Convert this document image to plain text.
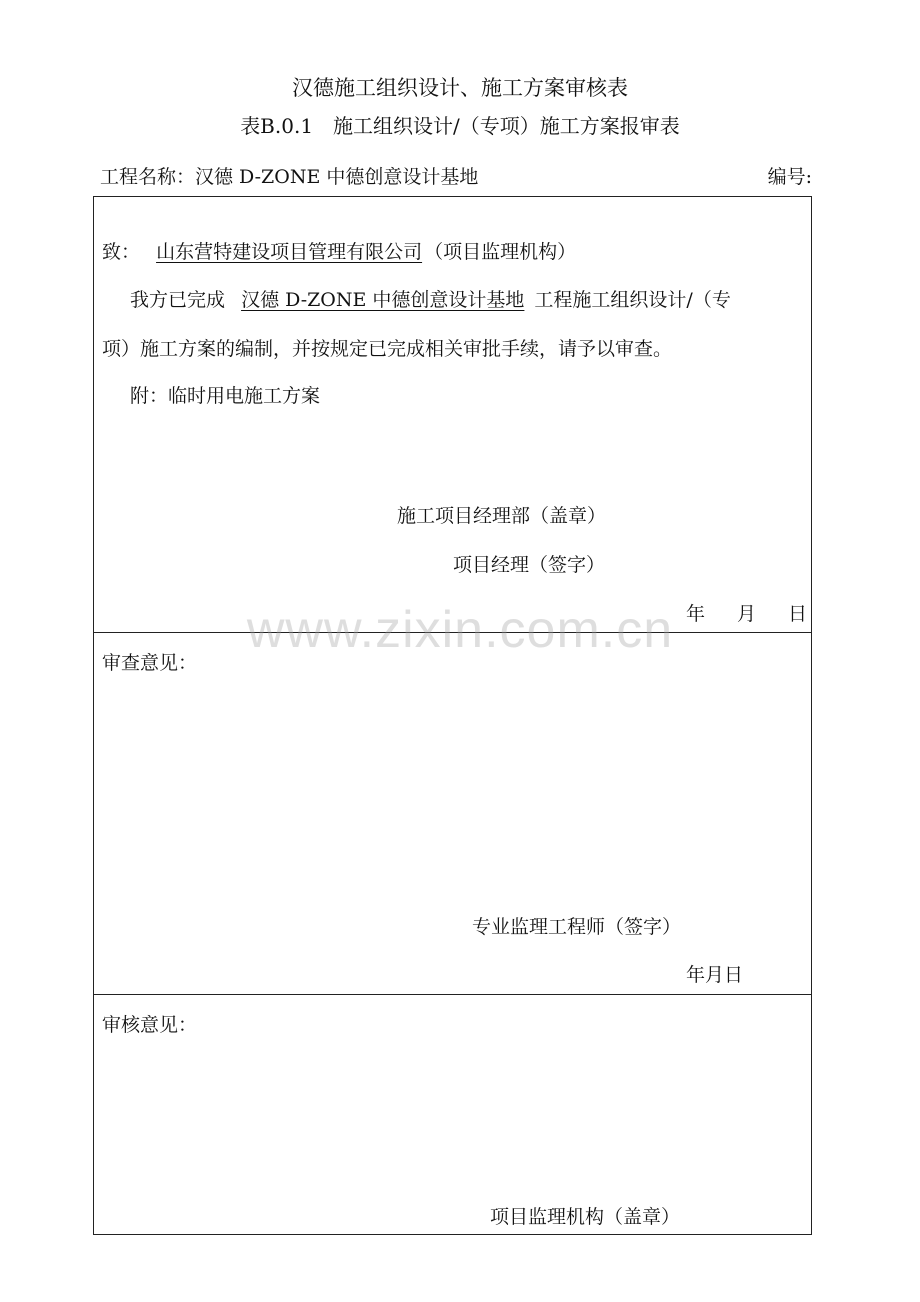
汉德施工组织设计、施工方案审核表
表B.0.1　施工组织设计/（专项）施工方案报审表
工程名称：汉德 D-ZONE 中德创意设计基地	编号:
致： 山东营特建设项目管理有限公司 （项目监理机构）
我方已完成 汉德 D-ZONE 中德创意设计基地 工程施工组织设计/（专
项）施工方案的编制，并按规定已完成相关审批手续，请予以审查。
附：临时用电施工方案
施工项目经理部（盖章）
项目经理（签字）
年 月 日
审查意见：
专业监理工程师（签字）
年月日
审核意见：
项目监理机构（盖章）
www.zixin.com.cn
